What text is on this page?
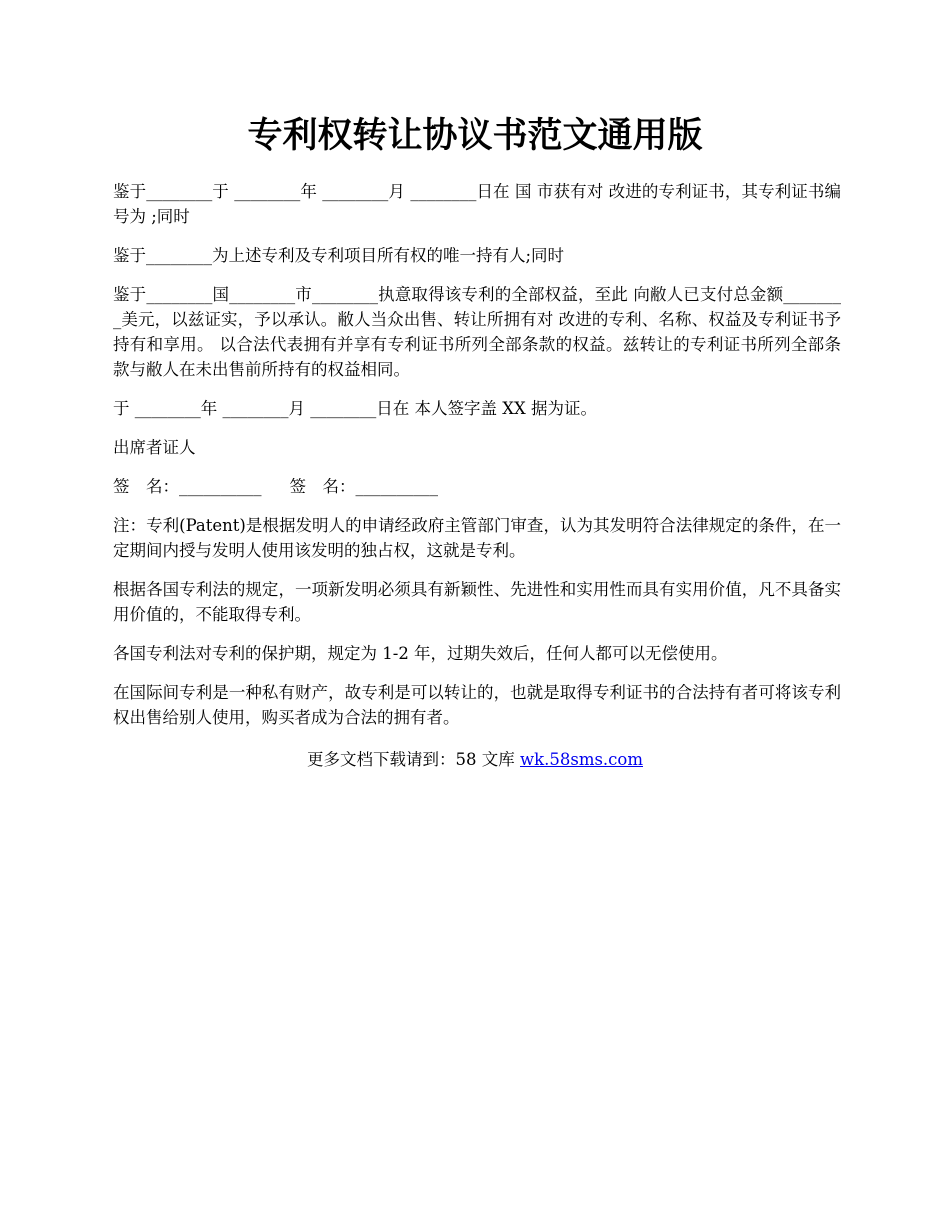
专利权转让协议书范文通用版

鉴于________于 ________年 ________月 ________日在 国 市获有对 改进的专利证书，其专利证书编号为 ;同时

鉴于________为上述专利及专利项目所有权的唯一持有人;同时

鉴于________国________市________执意取得该专利的全部权益，至此 向敝人已支付总金额________美元，以兹证实，予以承认。敝人当众出售、转让所拥有对 改进的专利、名称、权益及专利证书予 持有和享用。 以合法代表拥有并享有专利证书所列全部条款的权益。兹转让的专利证书所列全部条款与敝人在未出售前所持有的权益相同。

于 ________年 ________月 ________日在 本人签字盖 XX 据为证。

出席者证人

签　名：__________ 签　名：__________

注：专利(Patent)是根据发明人的申请经政府主管部门审查，认为其发明符合法律规定的条件，在一定期间内授与发明人使用该发明的独占权，这就是专利。

根据各国专利法的规定，一项新发明必须具有新颖性、先进性和实用性而具有实用价值，凡不具备实用价值的，不能取得专利。

各国专利法对专利的保护期，规定为 1-2 年，过期失效后，任何人都可以无偿使用。

在国际间专利是一种私有财产，故专利是可以转让的，也就是取得专利证书的合法持有者可将该专利权出售给别人使用，购买者成为合法的拥有者。

更多文档下载请到：58 文库 wk.58sms.com
